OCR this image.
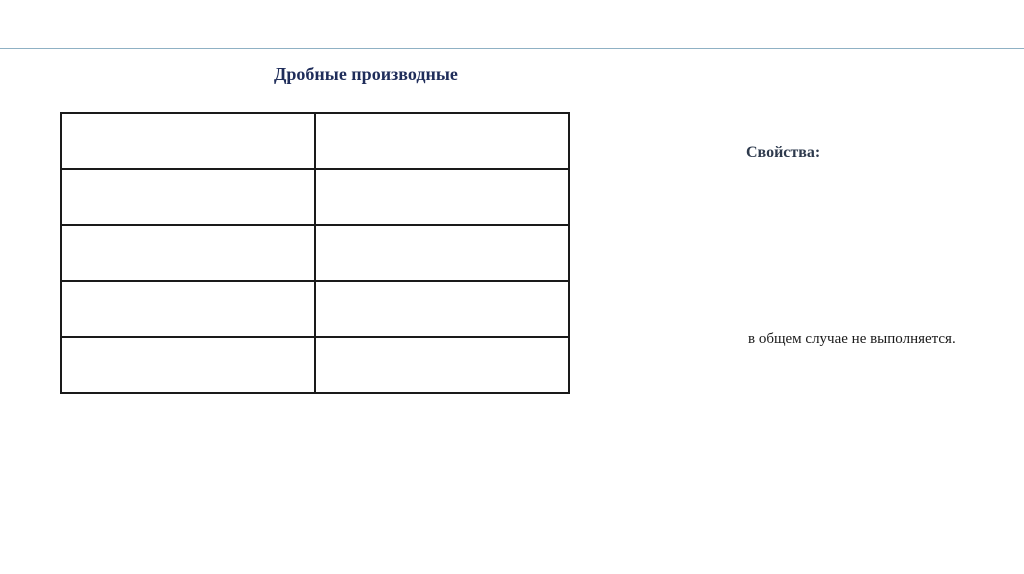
Дробные производные

Свойства:
в общем случае не выполняется.
